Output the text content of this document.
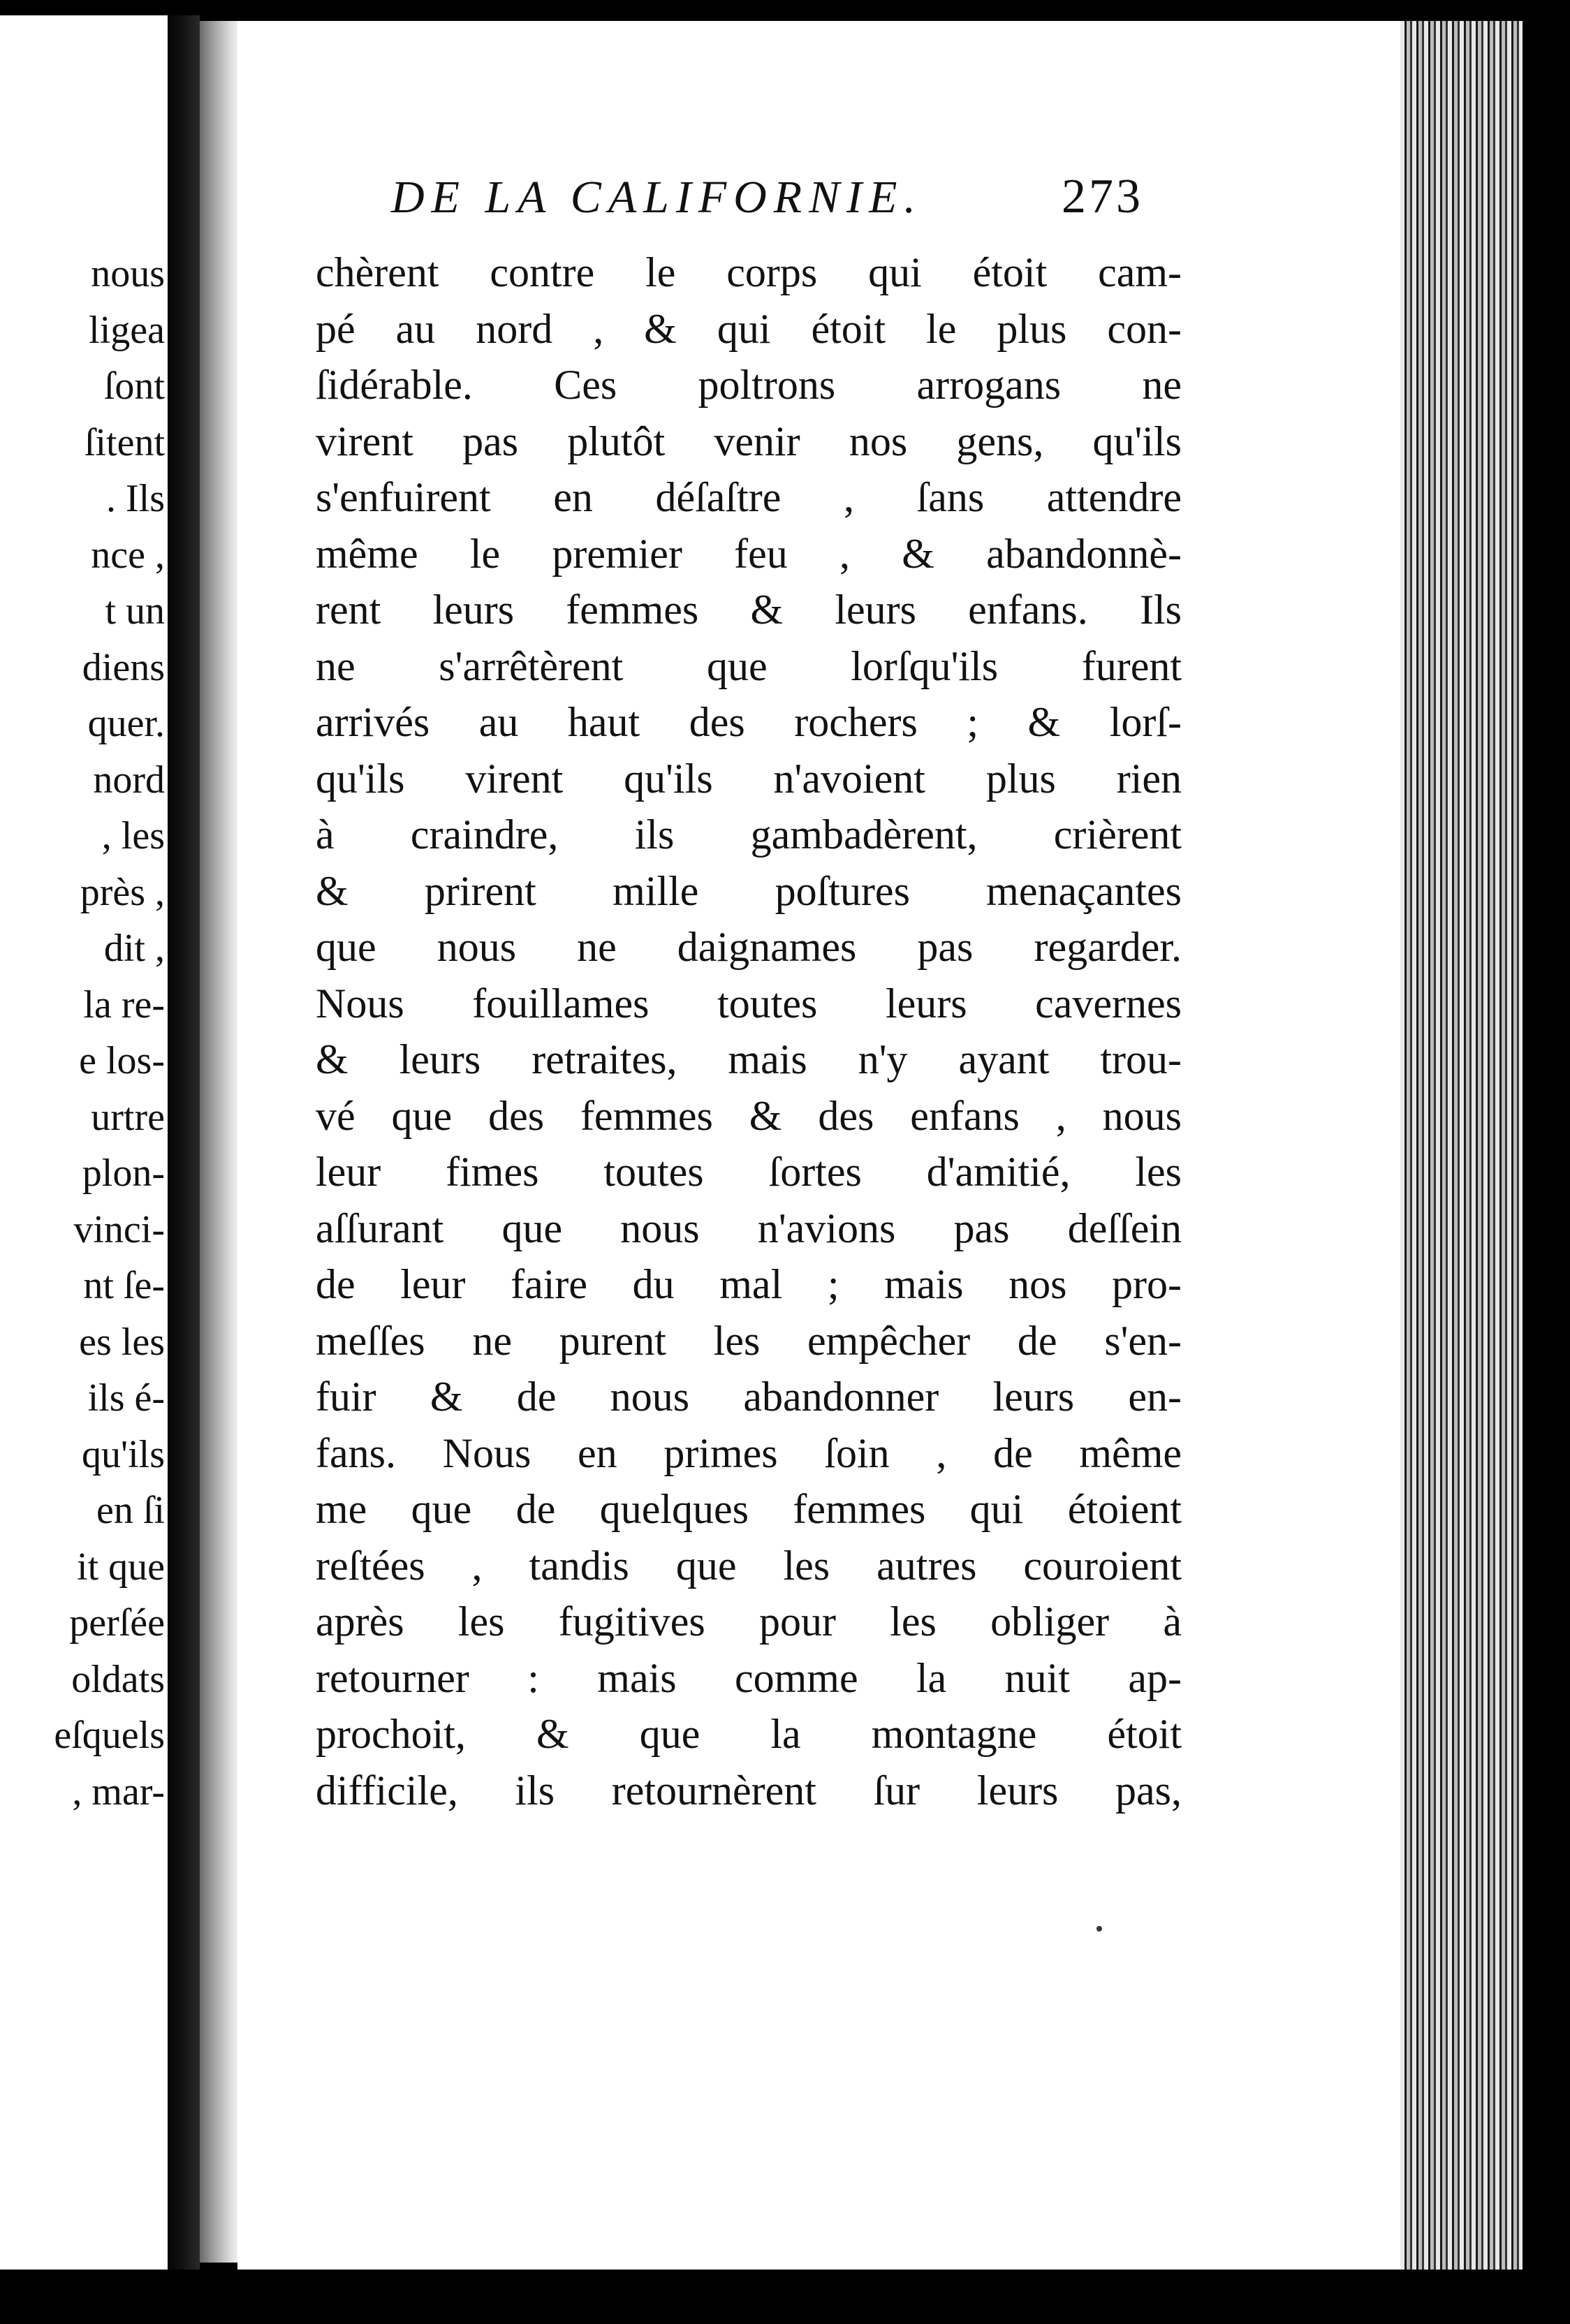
nous
ligea
ſont
ſitent
. Ils
nce ,
t un
diens
quer.
nord
, les
près ,
dit ,
la re-
e los-
urtre
plon-
vinci-
nt ſe-
es les
ils é-
qu'ils
en ſi
it que
perſée
oldats
eſquels
, mar-
DE LA CALIFORNIE.	273
chèrent contre le corps qui étoit cam-
pé au nord , & qui étoit le plus con-
ſidérable. Ces poltrons arrogans ne
virent pas plutôt venir nos gens, qu'ils
s'enfuirent en déſaſtre , ſans attendre
même le premier feu , & abandonnè-
rent leurs femmes & leurs enfans. Ils
ne s'arrêtèrent que lorſqu'ils furent
arrivés au haut des rochers ; & lorſ-
qu'ils virent qu'ils n'avoient plus rien
à craindre, ils gambadèrent, crièrent
& prirent mille poſtures menaçantes
que nous ne daignames pas regarder.
Nous fouillames toutes leurs cavernes
& leurs retraites, mais n'y ayant trou-
vé que des femmes & des enfans , nous
leur fimes toutes ſortes d'amitié, les
aſſurant que nous n'avions pas deſſein
de leur faire du mal ; mais nos pro-
meſſes ne purent les empêcher de s'en-
fuir & de nous abandonner leurs en-
fans. Nous en primes ſoin , de même
me que de quelques femmes qui étoient
reſtées , tandis que les autres couroient
après les fugitives pour les obliger à
retourner : mais comme la nuit ap-
prochoit, & que la montagne étoit
difficile, ils retournèrent ſur leurs pas,
